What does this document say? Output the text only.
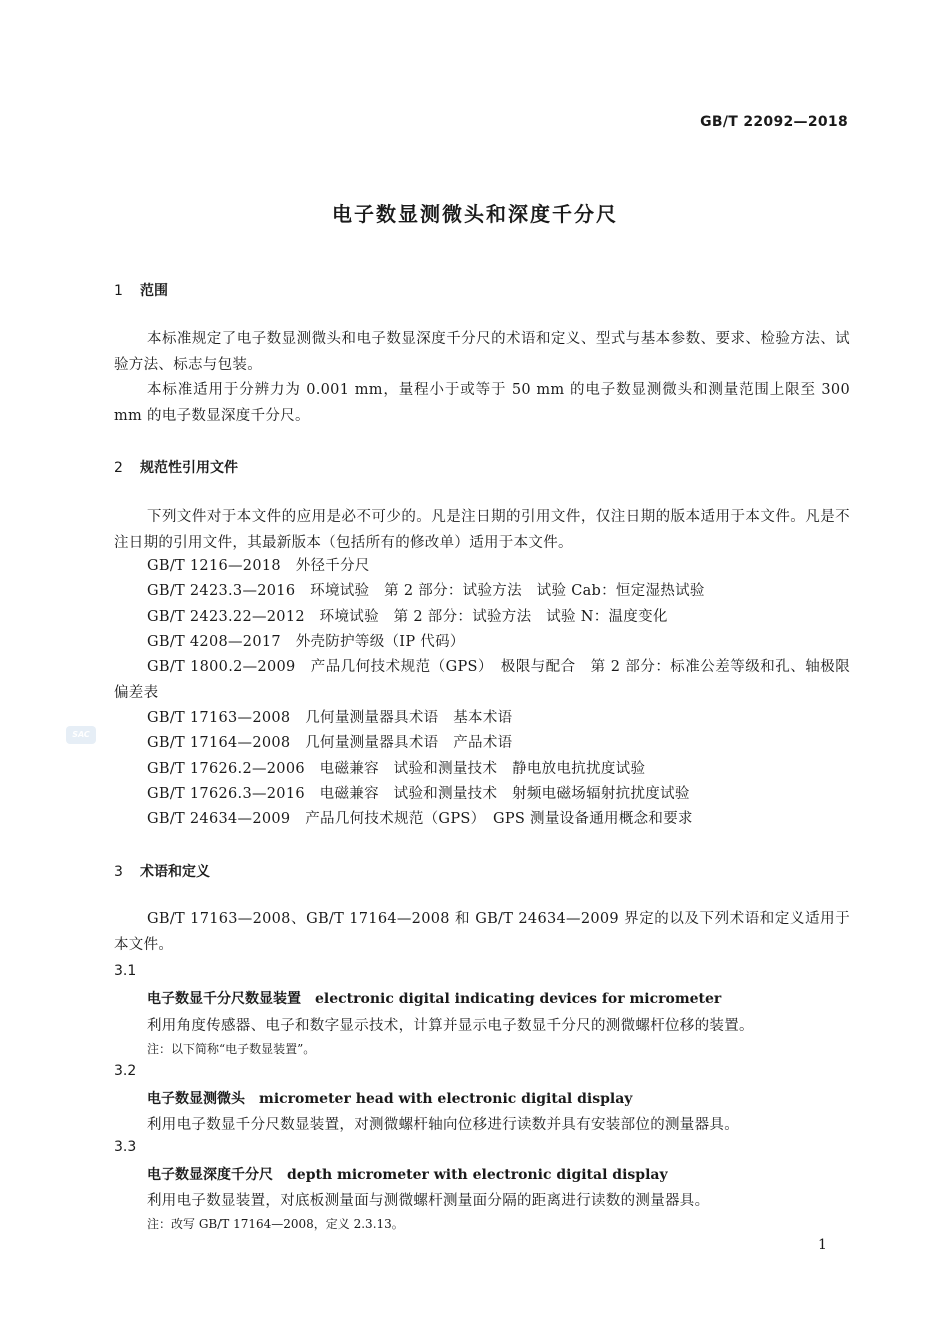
GB/T 22092—2018
电子数显测微头和深度千分尺
1 范围
本标准规定了电子数显测微头和电子数显深度千分尺的术语和定义、型式与基本参数、要求、检验方法、试验方法、标志与包装。
本标准适用于分辨力为 0.001 mm，量程小于或等于 50 mm 的电子数显测微头和测量范围上限至 300 mm 的电子数显深度千分尺。
2 规范性引用文件
下列文件对于本文件的应用是必不可少的。凡是注日期的引用文件，仅注日期的版本适用于本文件。凡是不注日期的引用文件，其最新版本（包括所有的修改单）适用于本文件。
GB/T 1216—2018　外径千分尺
GB/T 2423.3—2016　环境试验　第 2 部分：试验方法　试验 Cab：恒定湿热试验
GB/T 2423.22—2012　环境试验　第 2 部分：试验方法　试验 N：温度变化
GB/T 4208—2017　外壳防护等级（IP 代码）
GB/T 1800.2—2009　产品几何技术规范（GPS）　极限与配合　第 2 部分：标准公差等级和孔、轴极限偏差表
GB/T 17163—2008　几何量测量器具术语　基本术语
GB/T 17164—2008　几何量测量器具术语　产品术语
GB/T 17626.2—2006　电磁兼容　试验和测量技术　静电放电抗扰度试验
GB/T 17626.3—2016　电磁兼容　试验和测量技术　射频电磁场辐射抗扰度试验
GB/T 24634—2009　产品几何技术规范（GPS）　GPS 测量设备通用概念和要求
SAC
3 术语和定义
GB/T 17163—2008、GB/T 17164—2008 和 GB/T 24634—2009 界定的以及下列术语和定义适用于本文件。
3.1
电子数显千分尺数显装置 electronic digital indicating devices for micrometer
利用角度传感器、电子和数字显示技术，计算并显示电子数显千分尺的测微螺杆位移的装置。
注：以下简称“电子数显装置”。
3.2
电子数显测微头 micrometer head with electronic digital display
利用电子数显千分尺数显装置，对测微螺杆轴向位移进行读数并具有安装部位的测量器具。
3.3
电子数显深度千分尺 depth micrometer with electronic digital display
利用电子数显装置，对底板测量面与测微螺杆测量面分隔的距离进行读数的测量器具。
注：改写 GB/T 17164—2008，定义 2.3.13。
1
